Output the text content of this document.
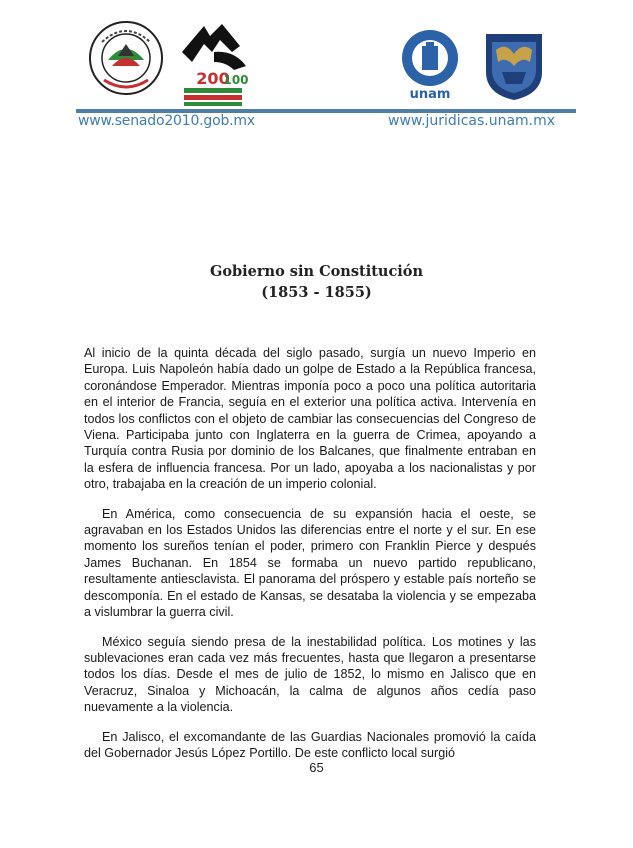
200
100
unam
www.senado2010.gob.mx	www.juridicas.unam.mx
Gobierno sin Constitución
(1853 - 1855)

Al inicio de la quinta década del siglo pasado, surgía un nuevo Imperio en Europa. Luis Napoleón había dado un golpe de Estado a la República francesa, coronándose Emperador. Mientras imponía poco a poco una política autoritaria en el interior de Francia, seguía en el exterior una política activa. Intervenía en todos los conflictos con el objeto de cambiar las consecuencias del Congreso de Viena. Participaba junto con Inglaterra en la guerra de Crimea, apoyando a Turquía contra Rusia por dominio de los Balcanes, que finalmente entraban en la esfera de influencia francesa. Por un lado, apoyaba a los nacionalistas y por otro, trabajaba en la creación de un imperio colonial.

En América, como consecuencia de su expansión hacia el oeste, se agravaban en los Estados Unidos las diferencias entre el norte y el sur. En ese momento los sureños tenían el poder, primero con Franklin Pierce y después James Buchanan. En 1854 se formaba un nuevo partido republicano, resultamente antiesclavista. El panorama del próspero y estable país norteño se descomponía. En el estado de Kansas, se desataba la violencia y se empezaba a vislumbrar la guerra civil.

México seguía siendo presa de la inestabilidad política. Los motines y las sublevaciones eran cada vez más frecuentes, hasta que llegaron a presentarse todos los días. Desde el mes de julio de 1852, lo mismo en Jalisco que en Veracruz, Sinaloa y Michoacán, la calma de algunos años cedía paso nuevamente a la violencia.

En Jalisco, el excomandante de las Guardias Nacionales promovió la caída del Gobernador Jesús López Portillo. De este conflicto local surgió

65
